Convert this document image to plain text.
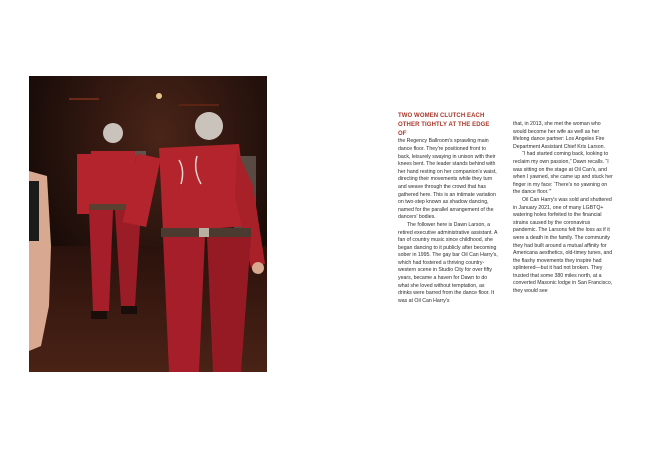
TWO WOMEN CLUTCH EACH OTHER TIGHTLY AT THE EDGE OF

the Regency Ballroom's sprawling main dance floor. They're positioned front to back, leisurely swaying in unison with their knees bent. The leader stands behind with her hand resting on her companion's waist, directing their movements while they turn and weave through the crowd that has gathered here. This is an intimate variation on two-step known as shadow dancing, named for the parallel arrangement of the dancers' bodies.

The follower here is Dawn Larson, a retired executive administrative assistant. A fan of country music since childhood, she began dancing to it publicly after becoming sober in 1995. The gay bar Oil Can Harry's, which had fostered a thriving country-western scene in Studio City for over fifty years, became a haven for Dawn to do what she loved without temptation, as drinks were barred from the dance floor. It was at Oil Can Harry's

that, in 2013, she met the woman who would become her wife as well as her lifelong dance partner: Los Angeles Fire Department Assistant Chief Kris Larson.

“I had started coming back, looking to reclaim my own passion,” Dawn recalls. “I was sitting on the stage at Oil Can's, and when I yawned, she came up and stuck her finger in my face: ‘There's no yawning on the dance floor.’”

Oil Can Harry's was sold and shuttered in January 2021, one of many LGBTQ+ watering holes forfeited to the financial strains caused by the coronavirus pandemic. The Larsons felt the loss as if it were a death in the family. The community they had built around a mutual affinity for Americana aesthetics, old-timey tunes, and the flashy movements they inspire had splintered—but it had not broken. They trusted that some 380 miles north, at a converted Masonic lodge in San Francisco, they would see
